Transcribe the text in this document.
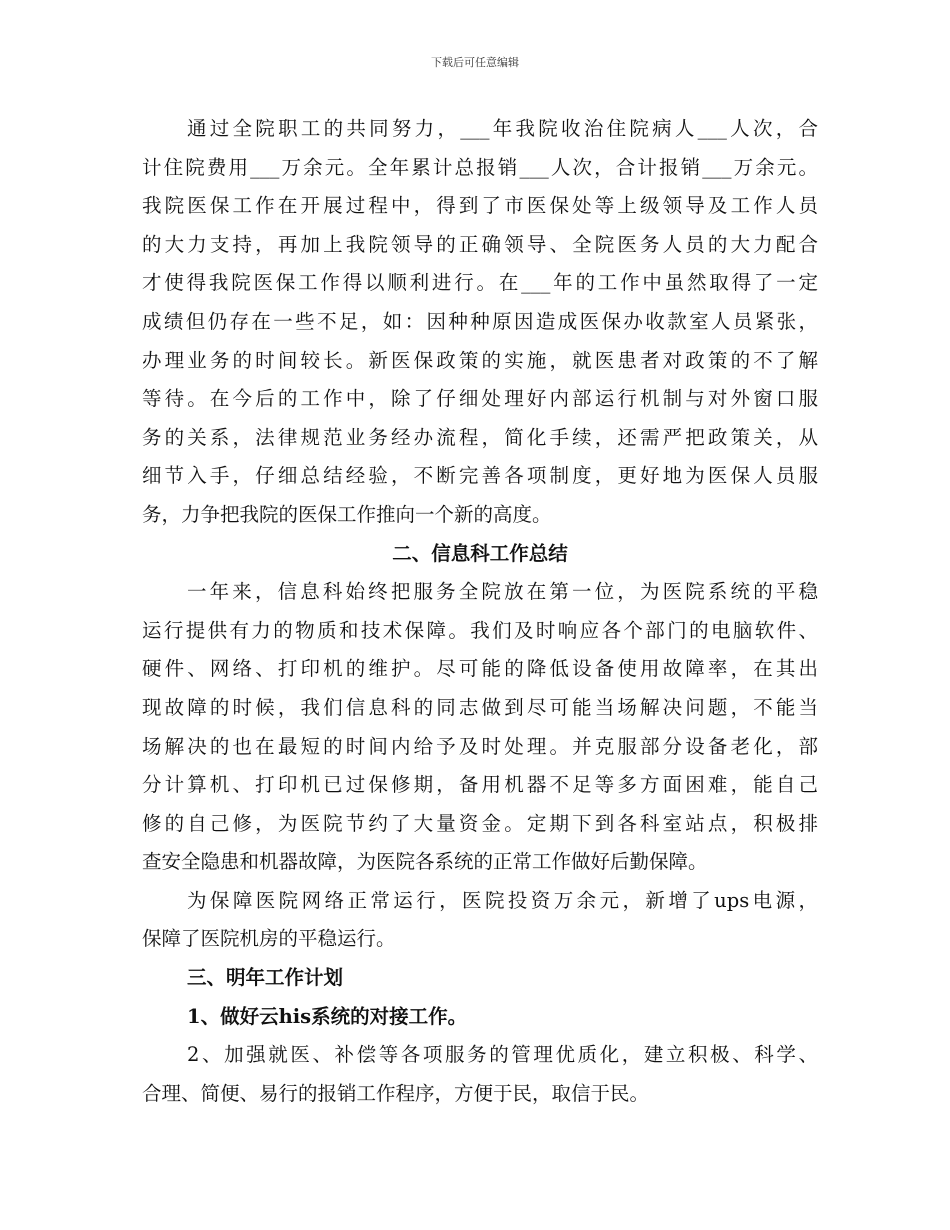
下载后可任意编辑
通过全院职工的共同努力，___年我院收治住院病人___人次，合
计住院费用___万余元。全年累计总报销___人次，合计报销___万余元。
我院医保工作在开展过程中，得到了市医保处等上级领导及工作人员
的大力支持，再加上我院领导的正确领导、全院医务人员的大力配合
才使得我院医保工作得以顺利进行。在___年的工作中虽然取得了一定
成绩但仍存在一些不足，如：因种种原因造成医保办收款室人员紧张，
办理业务的时间较长。新医保政策的实施，就医患者对政策的不了解
等待。在今后的工作中，除了仔细处理好内部运行机制与对外窗口服
务的关系，法律规范业务经办流程，简化手续，还需严把政策关，从
细节入手，仔细总结经验，不断完善各项制度，更好地为医保人员服
务，力争把我院的医保工作推向一个新的高度。
二、信息科工作总结
一年来，信息科始终把服务全院放在第一位，为医院系统的平稳
运行提供有力的物质和技术保障。我们及时响应各个部门的电脑软件、
硬件、网络、打印机的维护。尽可能的降低设备使用故障率，在其出
现故障的时候，我们信息科的同志做到尽可能当场解决问题，不能当
场解决的也在最短的时间内给予及时处理。并克服部分设备老化，部
分计算机、打印机已过保修期，备用机器不足等多方面困难，能自己
修的自己修，为医院节约了大量资金。定期下到各科室站点，积极排
查安全隐患和机器故障，为医院各系统的正常工作做好后勤保障。
为保障医院网络正常运行，医院投资万余元，新增了ups电源，
保障了医院机房的平稳运行。
三、明年工作计划
1、做好云his系统的对接工作。
2、加强就医、补偿等各项服务的管理优质化，建立积极、科学、
合理、简便、易行的报销工作程序，方便于民，取信于民。
